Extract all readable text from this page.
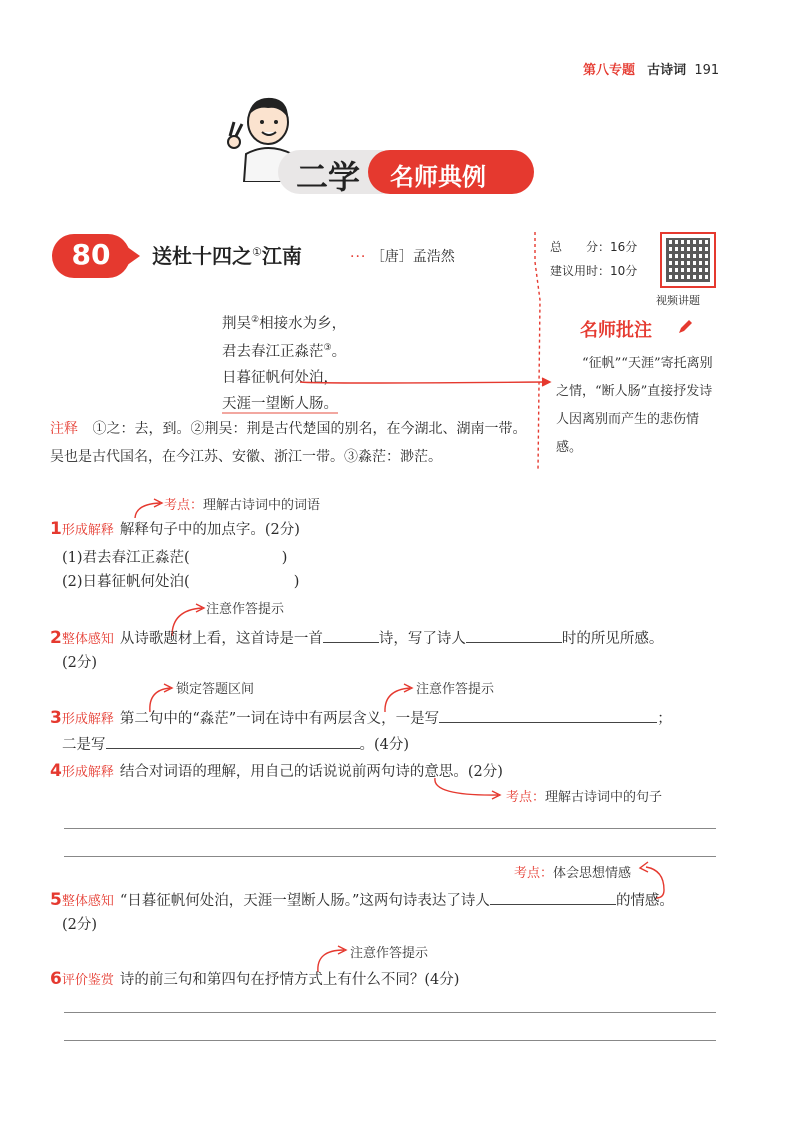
第八专题 古诗词 191
二学 名师典例
80	送杜十四之①江南	··· ［唐］孟浩然
总　　分：16分
建议用时：10分
视频讲题
荆吴②相接水为乡，
君去春江正淼茫③。
日暮征帆何处泊，
天涯一望断人肠。
注释 ①之：去，到。②荆吴：荆是古代楚国的别名，在今湖北、湖南一带。吴也是古代国名，在今江苏、安徽、浙江一带。③淼茫：渺茫。
名师批注
“征帆”“天涯”寄托离别之情，“断人肠”直接抒发诗人因离别而产生的悲伤情感。
考点：理解古诗词中的词语
1形成解释 解释句子中的加点字。(2分)
(1)君去春江正淼茫(	)
(2)日暮征帆何处泊(	)
注意作答提示
2整体感知 从诗歌题材上看，这首诗是一首	诗，写了诗人	时的所见所感。
(2分)
锁定答题区间	注意作答提示
3形成解释 第二句中的“淼茫”一词在诗中有两层含义，一是写	；
二是写	。(4分)
4形成解释 结合对词语的理解，用自己的话说说前两句诗的意思。(2分)
考点：理解古诗词中的句子
考点：体会思想情感
5整体感知 “日暮征帆何处泊，天涯一望断人肠。”这两句诗表达了诗人	的情感。
(2分)
注意作答提示
6评价鉴赏 诗的前三句和第四句在抒情方式上有什么不同？(4分)
